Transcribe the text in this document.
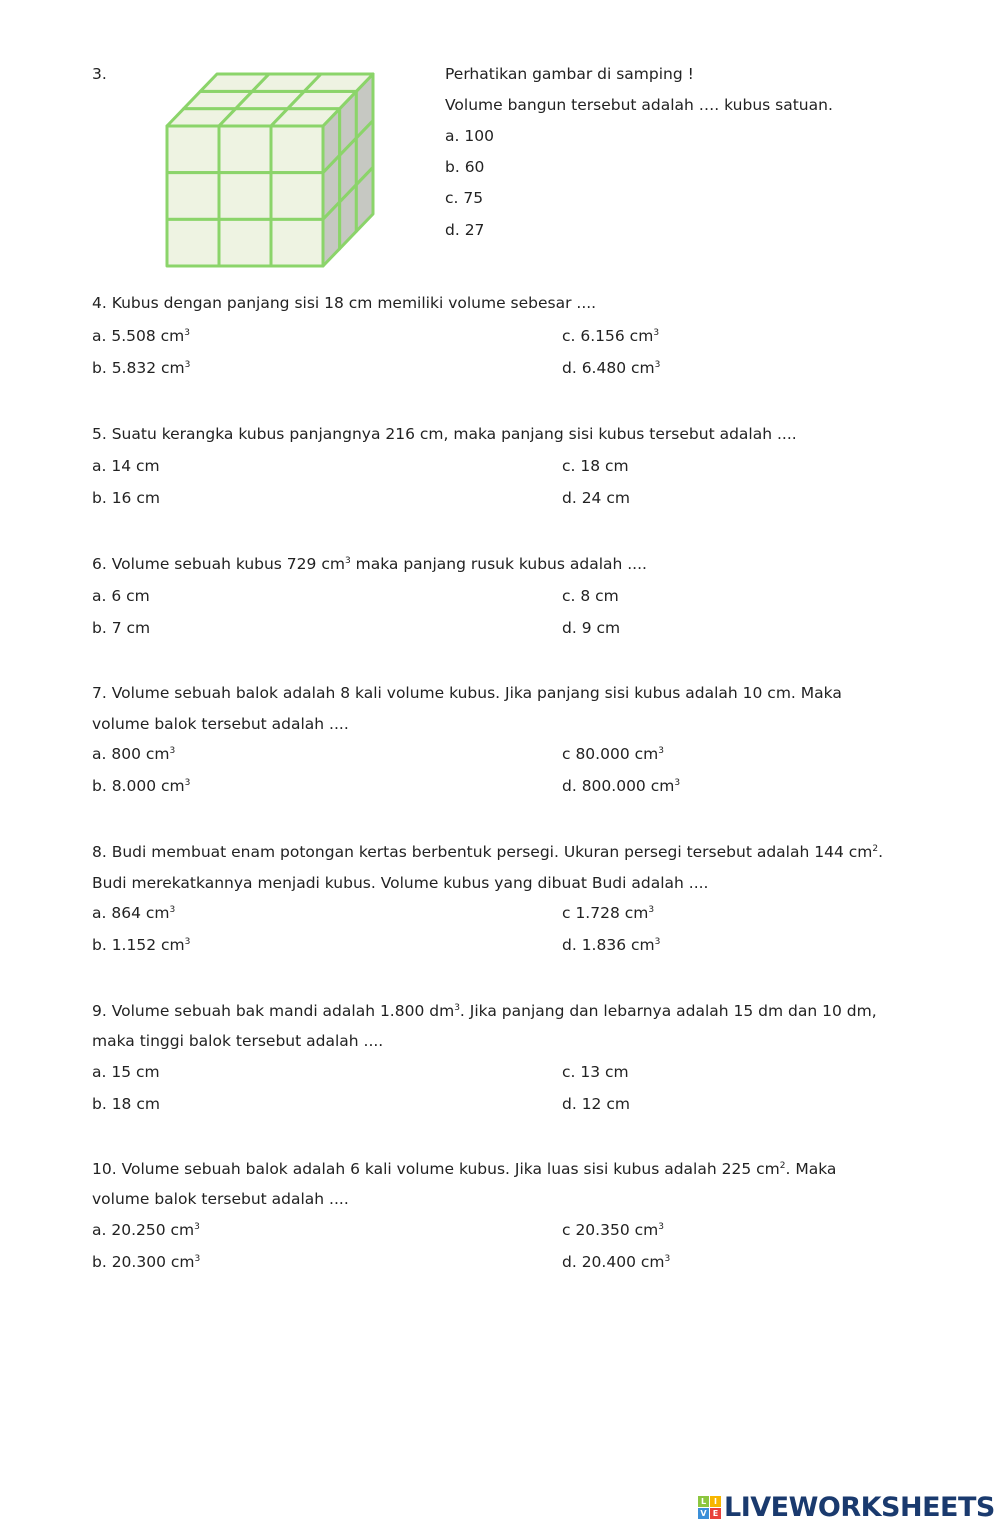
3.	Perhatikan gambar di samping !
Volume bangun tersebut adalah …. kubus satuan.
a. 100
b. 60
c. 75
d. 27
4. Kubus dengan panjang sisi 18 cm memiliki volume sebesar ....
a. 5.508 $cm^3$	c. 6.156 $cm^3$
b. 5.832 $cm^3$	d. 6.480 $cm^3$
5. Suatu kerangka kubus panjangnya 216 cm, maka panjang sisi kubus tersebut adalah ....
a. 14 cm	c. 18 cm
b. 16 cm	d. 24 cm
6. Volume sebuah kubus 729 $cm^3$ maka panjang rusuk kubus adalah ....
a. 6 cm	c. 8 cm
b. 7 cm	d. 9 cm
7. Volume sebuah balok adalah 8 kali volume kubus. Jika panjang sisi kubus adalah 10 cm. Maka
volume balok tersebut adalah ....
a. 800 $cm^3$	c 80.000 $cm^3$
b. 8.000 $cm^3$	d. 800.000 $cm^3$
8. Budi membuat enam potongan kertas berbentuk persegi. Ukuran persegi tersebut adalah 144 $cm^2$.
Budi merekatkannya menjadi kubus. Volume kubus yang dibuat Budi adalah ....
a. 864 $cm^3$	c 1.728 $cm^3$
b. 1.152 $cm^3$	d. 1.836 $cm^3$
9. Volume sebuah bak mandi adalah 1.800 $dm^3$. Jika panjang dan lebarnya adalah 15 dm dan 10 dm,
maka tinggi balok tersebut adalah ....
a. 15 cm	c. 13 cm
b. 18 cm	d. 12 cm
10. Volume sebuah balok adalah 6 kali volume kubus. Jika luas sisi kubus adalah 225 $cm^2$. Maka
volume balok tersebut adalah ....
a. 20.250 $cm^3$	c 20.350 $cm^3$
b. 20.300 $cm^3$	d. 20.400 $cm^3$
L I
V E LIVEWORKSHEETS
